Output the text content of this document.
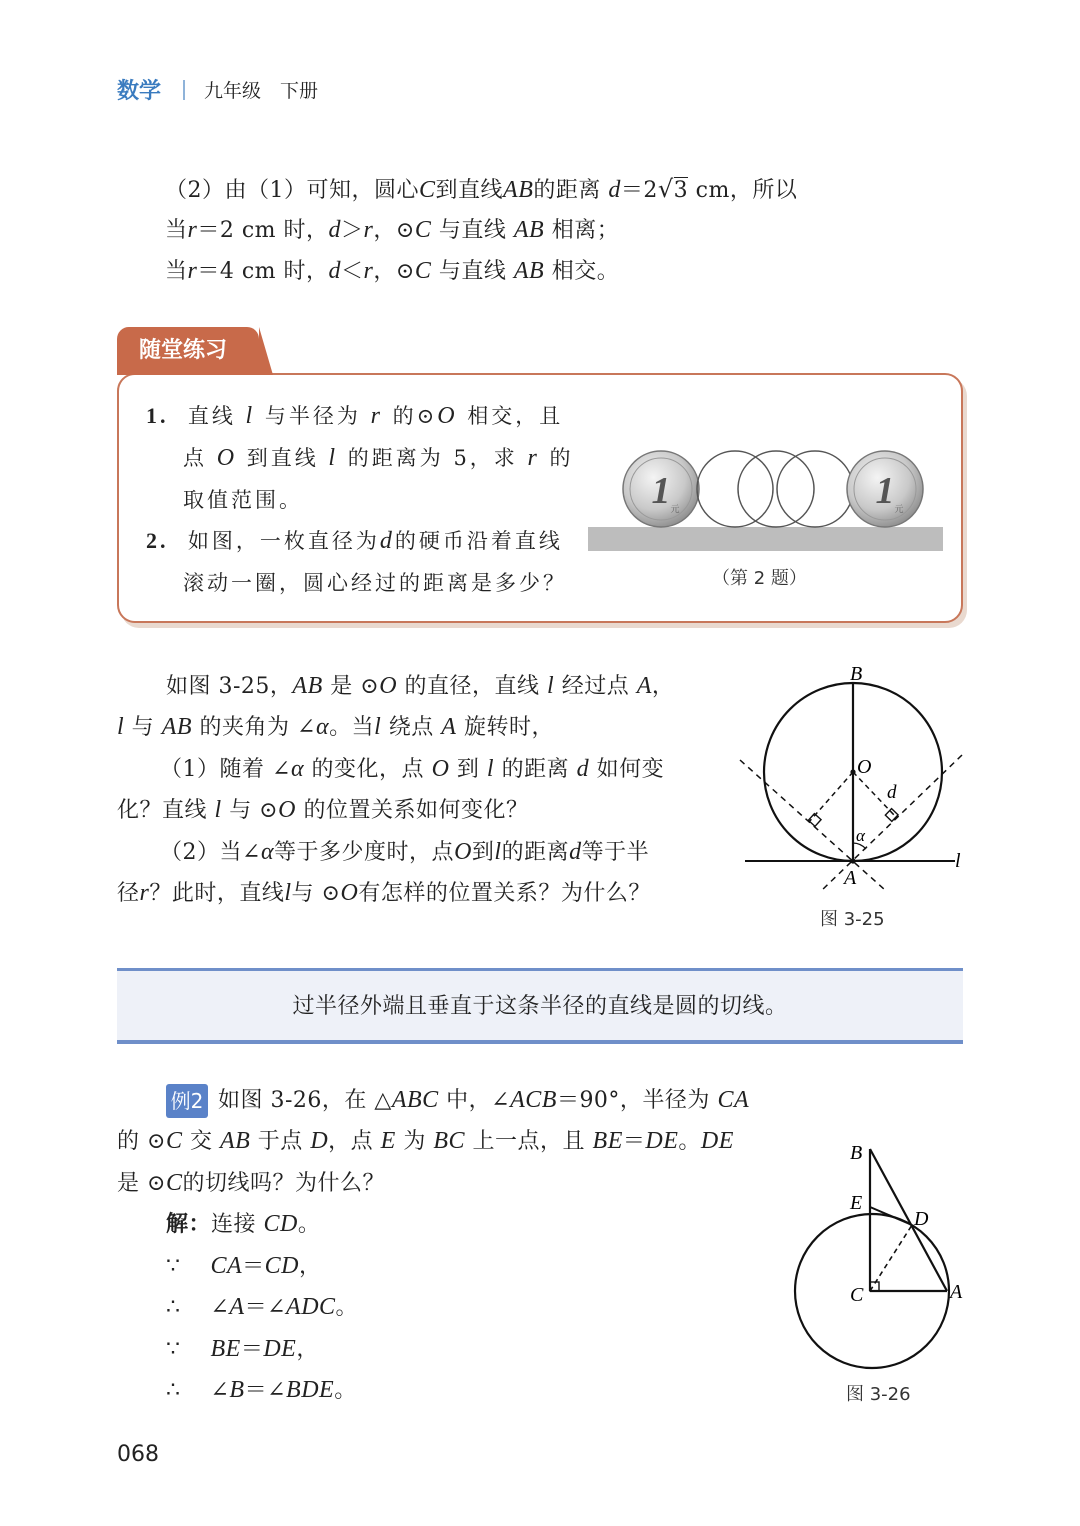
数学 九年级　下册
（2）由（1）可知，圆心C到直线AB的距离 d＝2√3 cm，所以
当r＝2 cm 时，d＞r，⊙C 与直线 AB 相离；
当r＝4 cm 时，d＜r，⊙C 与直线 AB 相交。
随堂练习
1. 直线 l 与半径为 r 的⊙O 相交，且
点 O 到直线 l 的距离为 5，求 r 的
取值范围。
2. 如图，一枚直径为d的硬币沿着直线
滚动一圈，圆心经过的距离是多少？
1 元	1 元
（第 2 题）
如图 3-25，AB 是 ⊙O 的直径，直线 l 经过点 A，
l 与 AB 的夹角为 ∠α。当l 绕点 A 旋转时，
（1）随着 ∠α 的变化，点 O 到 l 的距离 d 如何变
化？直线 l 与 ⊙O 的位置关系如何变化？
（2）当∠α等于多少度时，点O到l的距离d等于半
径r？此时，直线l与 ⊙O有怎样的位置关系？为什么？
B
O
d
α
A
l
图 3-25
过半径外端且垂直于这条半径的直线是圆的切线。
例2 如图 3-26，在 △ABC 中，∠ACB＝90°，半径为 CA
的 ⊙C 交 AB 于点 D，点 E 为 BC 上一点，且 BE＝DE。DE
是 ⊙C的切线吗？为什么？
解：连接 CD。
∵ CA＝CD，
∴ ∠A＝∠ADC。
∵ BE＝DE，
∴ ∠B＝∠BDE。
B
E
D
C	A
图 3-26
068
